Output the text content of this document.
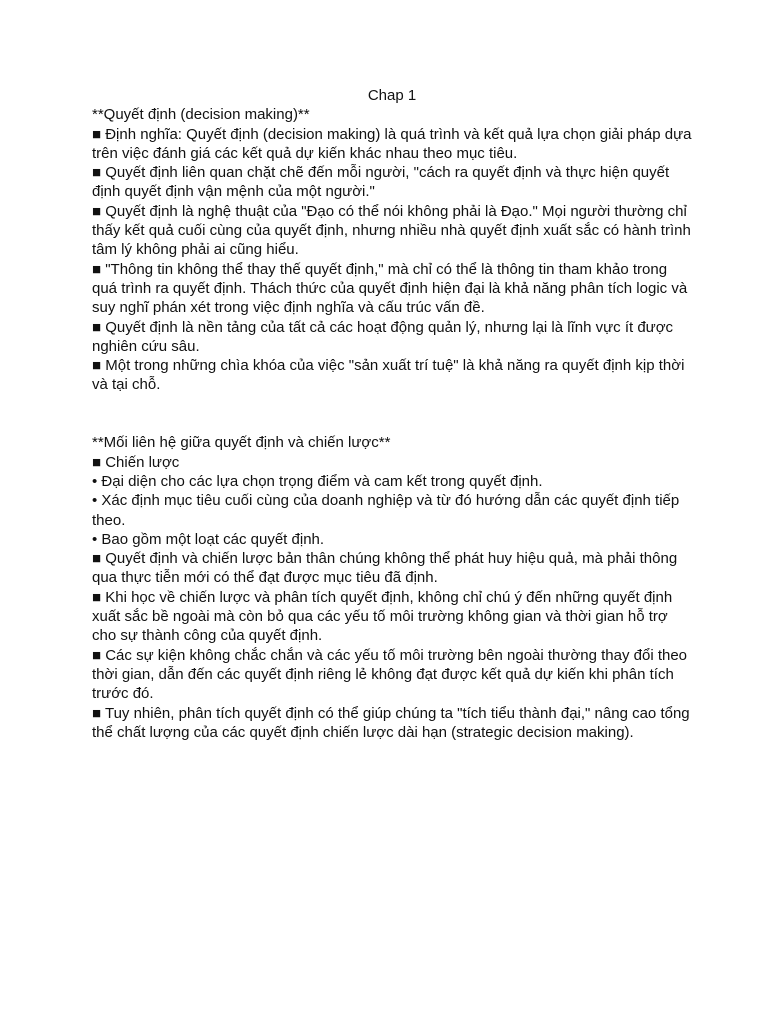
Chap 1

**Quyết định (decision making)**

■ Định nghĩa: Quyết định (decision making) là quá trình và kết quả lựa chọn giải pháp dựa trên việc đánh giá các kết quả dự kiến khác nhau theo mục tiêu.

■ Quyết định liên quan chặt chẽ đến mỗi người, "cách ra quyết định và thực hiện quyết định quyết định vận mệnh của một người."

■ Quyết định là nghệ thuật của "Đạo có thể nói không phải là Đạo." Mọi người thường chỉ thấy kết quả cuối cùng của quyết định, nhưng nhiều nhà quyết định xuất sắc có hành trình tâm lý không phải ai cũng hiểu.

■ "Thông tin không thể thay thế quyết định," mà chỉ có thể là thông tin tham khảo trong quá trình ra quyết định. Thách thức của quyết định hiện đại là khả năng phân tích logic và suy nghĩ phán xét trong việc định nghĩa và cấu trúc vấn đề.

■ Quyết định là nền tảng của tất cả các hoạt động quản lý, nhưng lại là lĩnh vực ít được nghiên cứu sâu.

■ Một trong những chìa khóa của việc "sản xuất trí tuệ" là khả năng ra quyết định kịp thời và tại chỗ.

**Mối liên hệ giữa quyết định và chiến lược**

■ Chiến lược

• Đại diện cho các lựa chọn trọng điểm và cam kết trong quyết định.

• Xác định mục tiêu cuối cùng của doanh nghiệp và từ đó hướng dẫn các quyết định tiếp theo.

• Bao gồm một loạt các quyết định.

■ Quyết định và chiến lược bản thân chúng không thể phát huy hiệu quả, mà phải thông qua thực tiễn mới có thể đạt được mục tiêu đã định.

■ Khi học về chiến lược và phân tích quyết định, không chỉ chú ý đến những quyết định xuất sắc bề ngoài mà còn bỏ qua các yếu tố môi trường không gian và thời gian hỗ trợ cho sự thành công của quyết định.

■ Các sự kiện không chắc chắn và các yếu tố môi trường bên ngoài thường thay đổi theo thời gian, dẫn đến các quyết định riêng lẻ không đạt được kết quả dự kiến khi phân tích trước đó.

■ Tuy nhiên, phân tích quyết định có thể giúp chúng ta "tích tiểu thành đại," nâng cao tổng thể chất lượng của các quyết định chiến lược dài hạn (strategic decision making).
